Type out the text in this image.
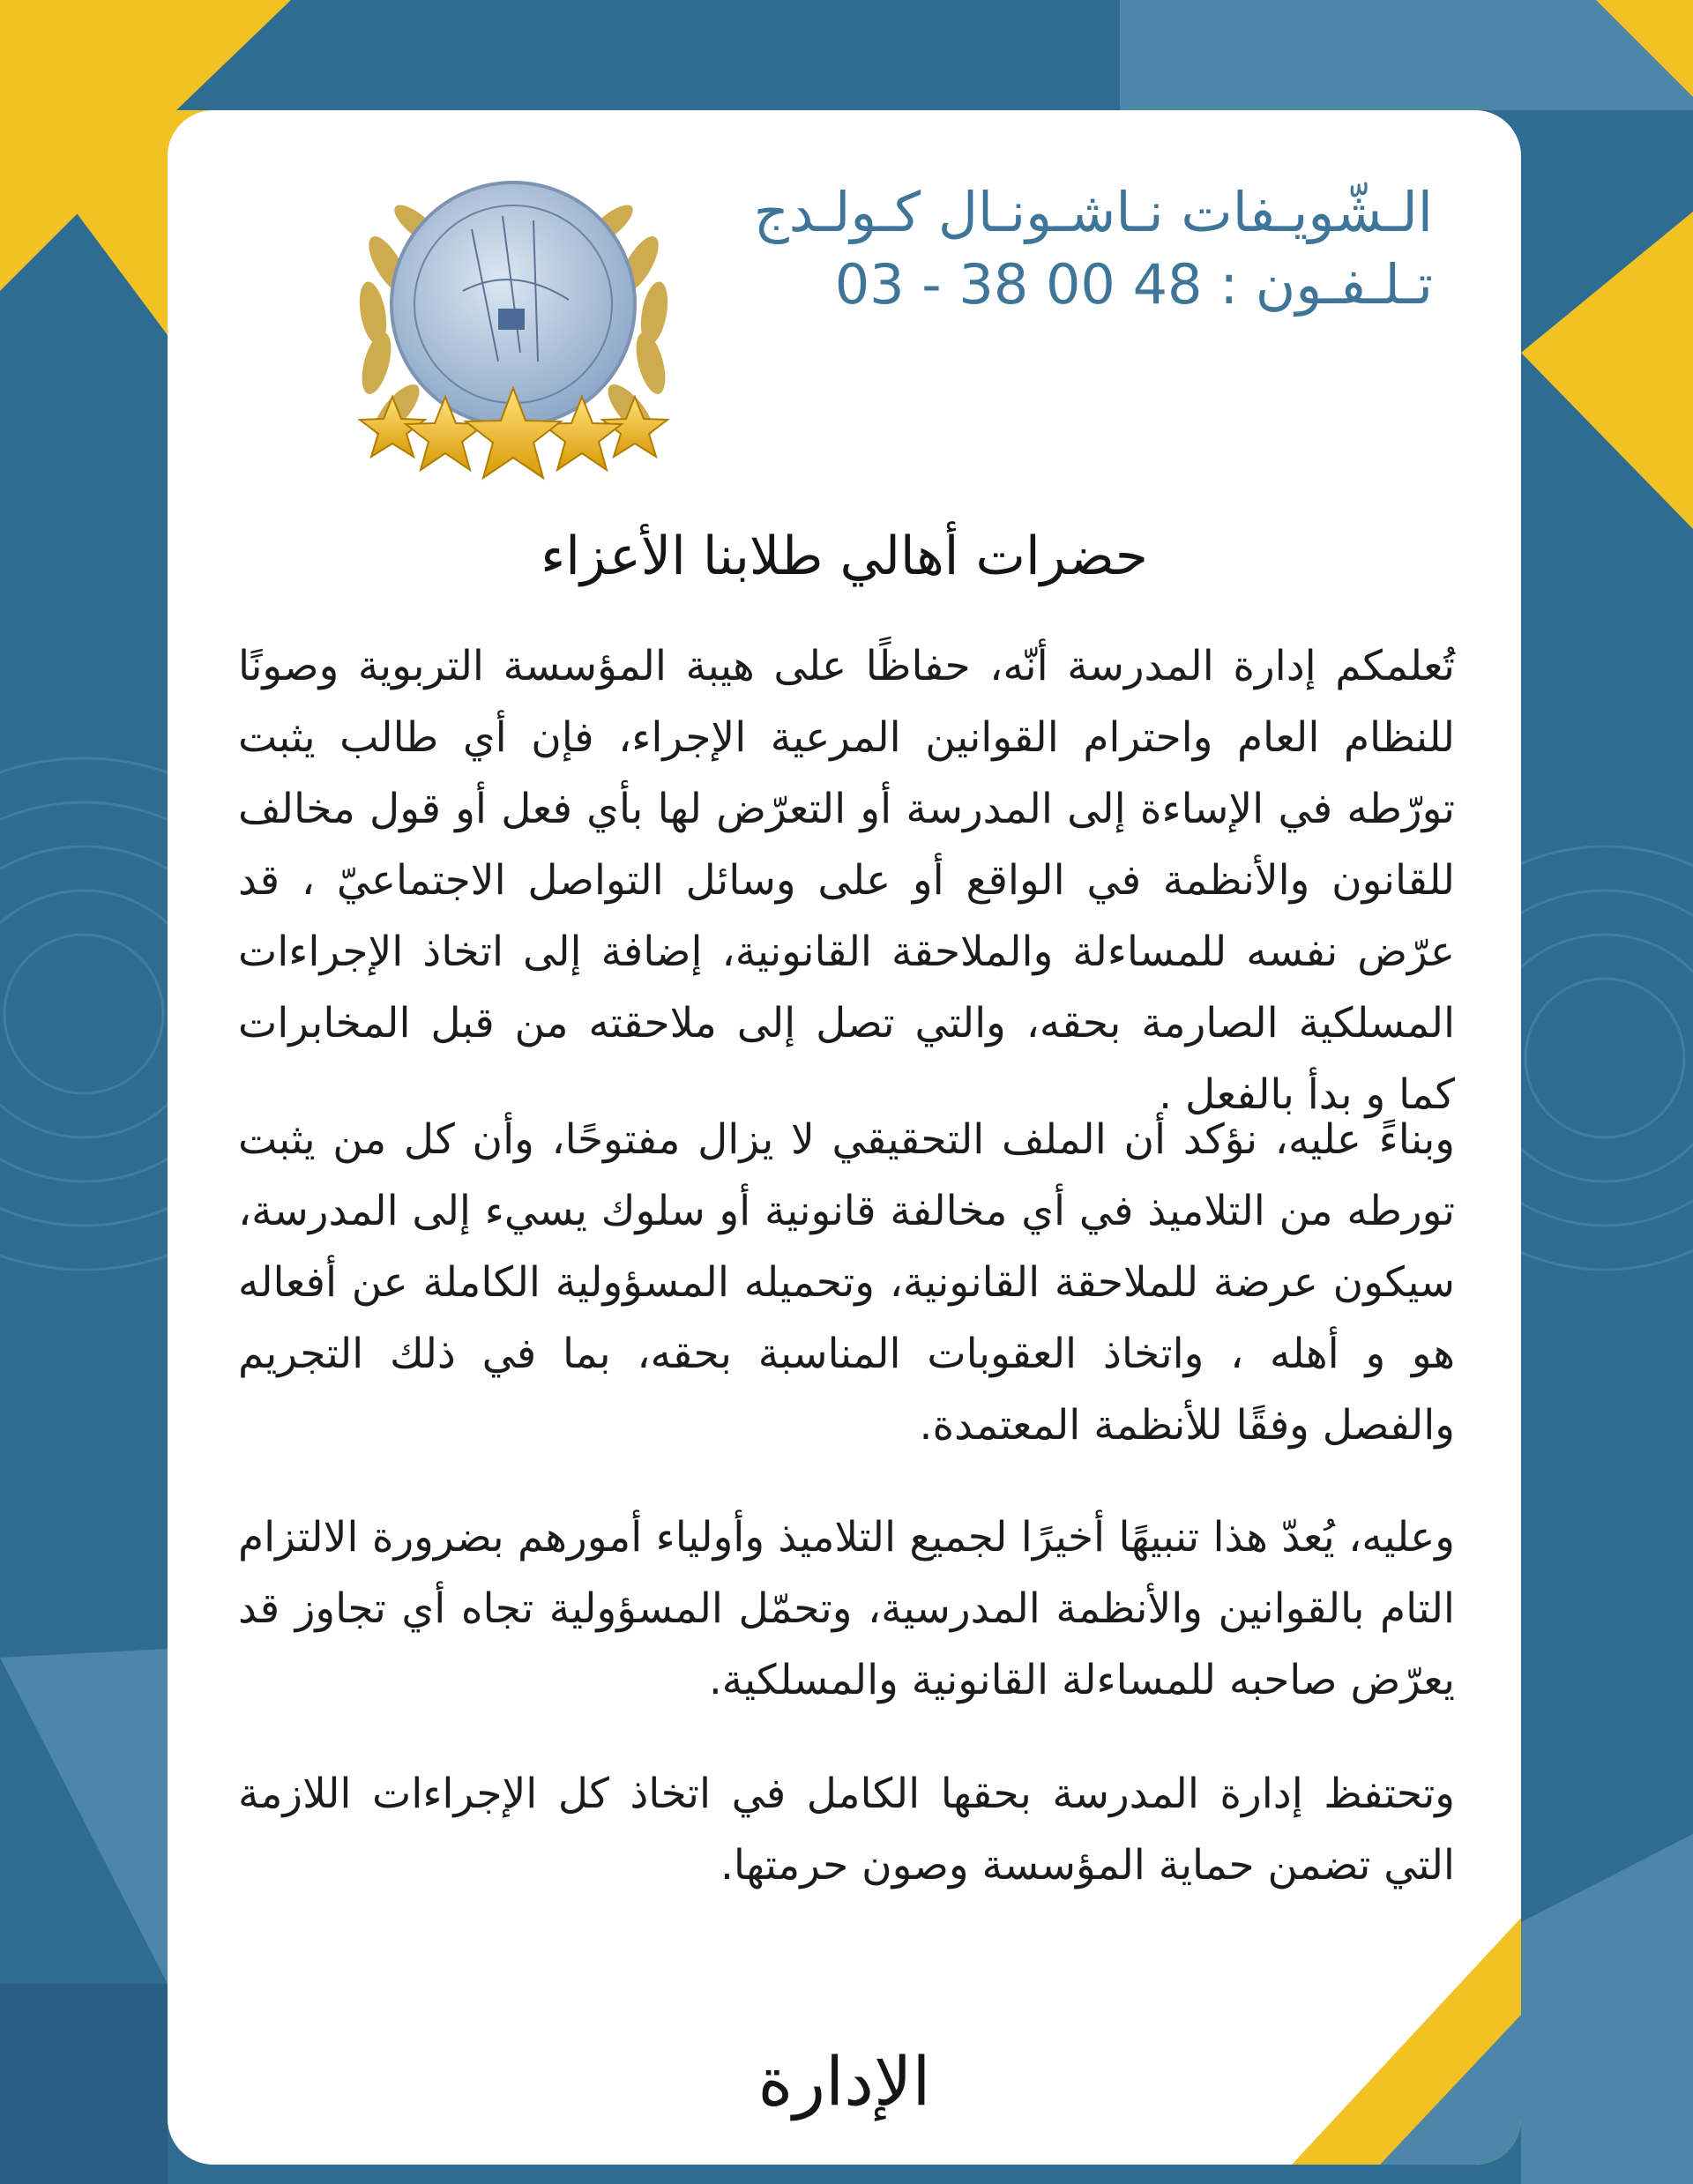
الـشّويـفات نـاشـونـال كـولـدج
تـلـفـون : 03 - 38 00 48
حضرات أهالي طلابنا الأعزاء

تُعلمكم إدارة المدرسة أنّه، حفاظًا على هيبة المؤسسة التربوية وصونًا للنظام العام واحترام القوانين المرعية الإجراء، فإن أي طالب يثبت تورّطه في الإساءة إلى المدرسة أو التعرّض لها بأي فعل أو قول مخالف للقانون والأنظمة في الواقع أو على وسائل التواصل الاجتماعيّ ، قد عرّض نفسه للمساءلة والملاحقة القانونية، إضافة إلى اتخاذ الإجراءات المسلكية الصارمة بحقه، والتي تصل إلى ملاحقته من قبل المخابرات كما و بدأ بالفعل .

وبناءً عليه، نؤكد أن الملف التحقيقي لا يزال مفتوحًا، وأن كل من يثبت تورطه من التلاميذ في أي مخالفة قانونية أو سلوك يسيء إلى المدرسة، سيكون عرضة للملاحقة القانونية، وتحميله المسؤولية الكاملة عن أفعاله هو و أهله ، واتخاذ العقوبات المناسبة بحقه، بما في ذلك التجريم والفصل وفقًا للأنظمة المعتمدة.

وعليه، يُعدّ هذا تنبيهًا أخيرًا لجميع التلاميذ وأولياء أمورهم بضرورة الالتزام التام بالقوانين والأنظمة المدرسية، وتحمّل المسؤولية تجاه أي تجاوز قد يعرّض صاحبه للمساءلة القانونية والمسلكية.

وتحتفظ إدارة المدرسة بحقها الكامل في اتخاذ كل الإجراءات اللازمة التي تضمن حماية المؤسسة وصون حرمتها.

الإدارة
